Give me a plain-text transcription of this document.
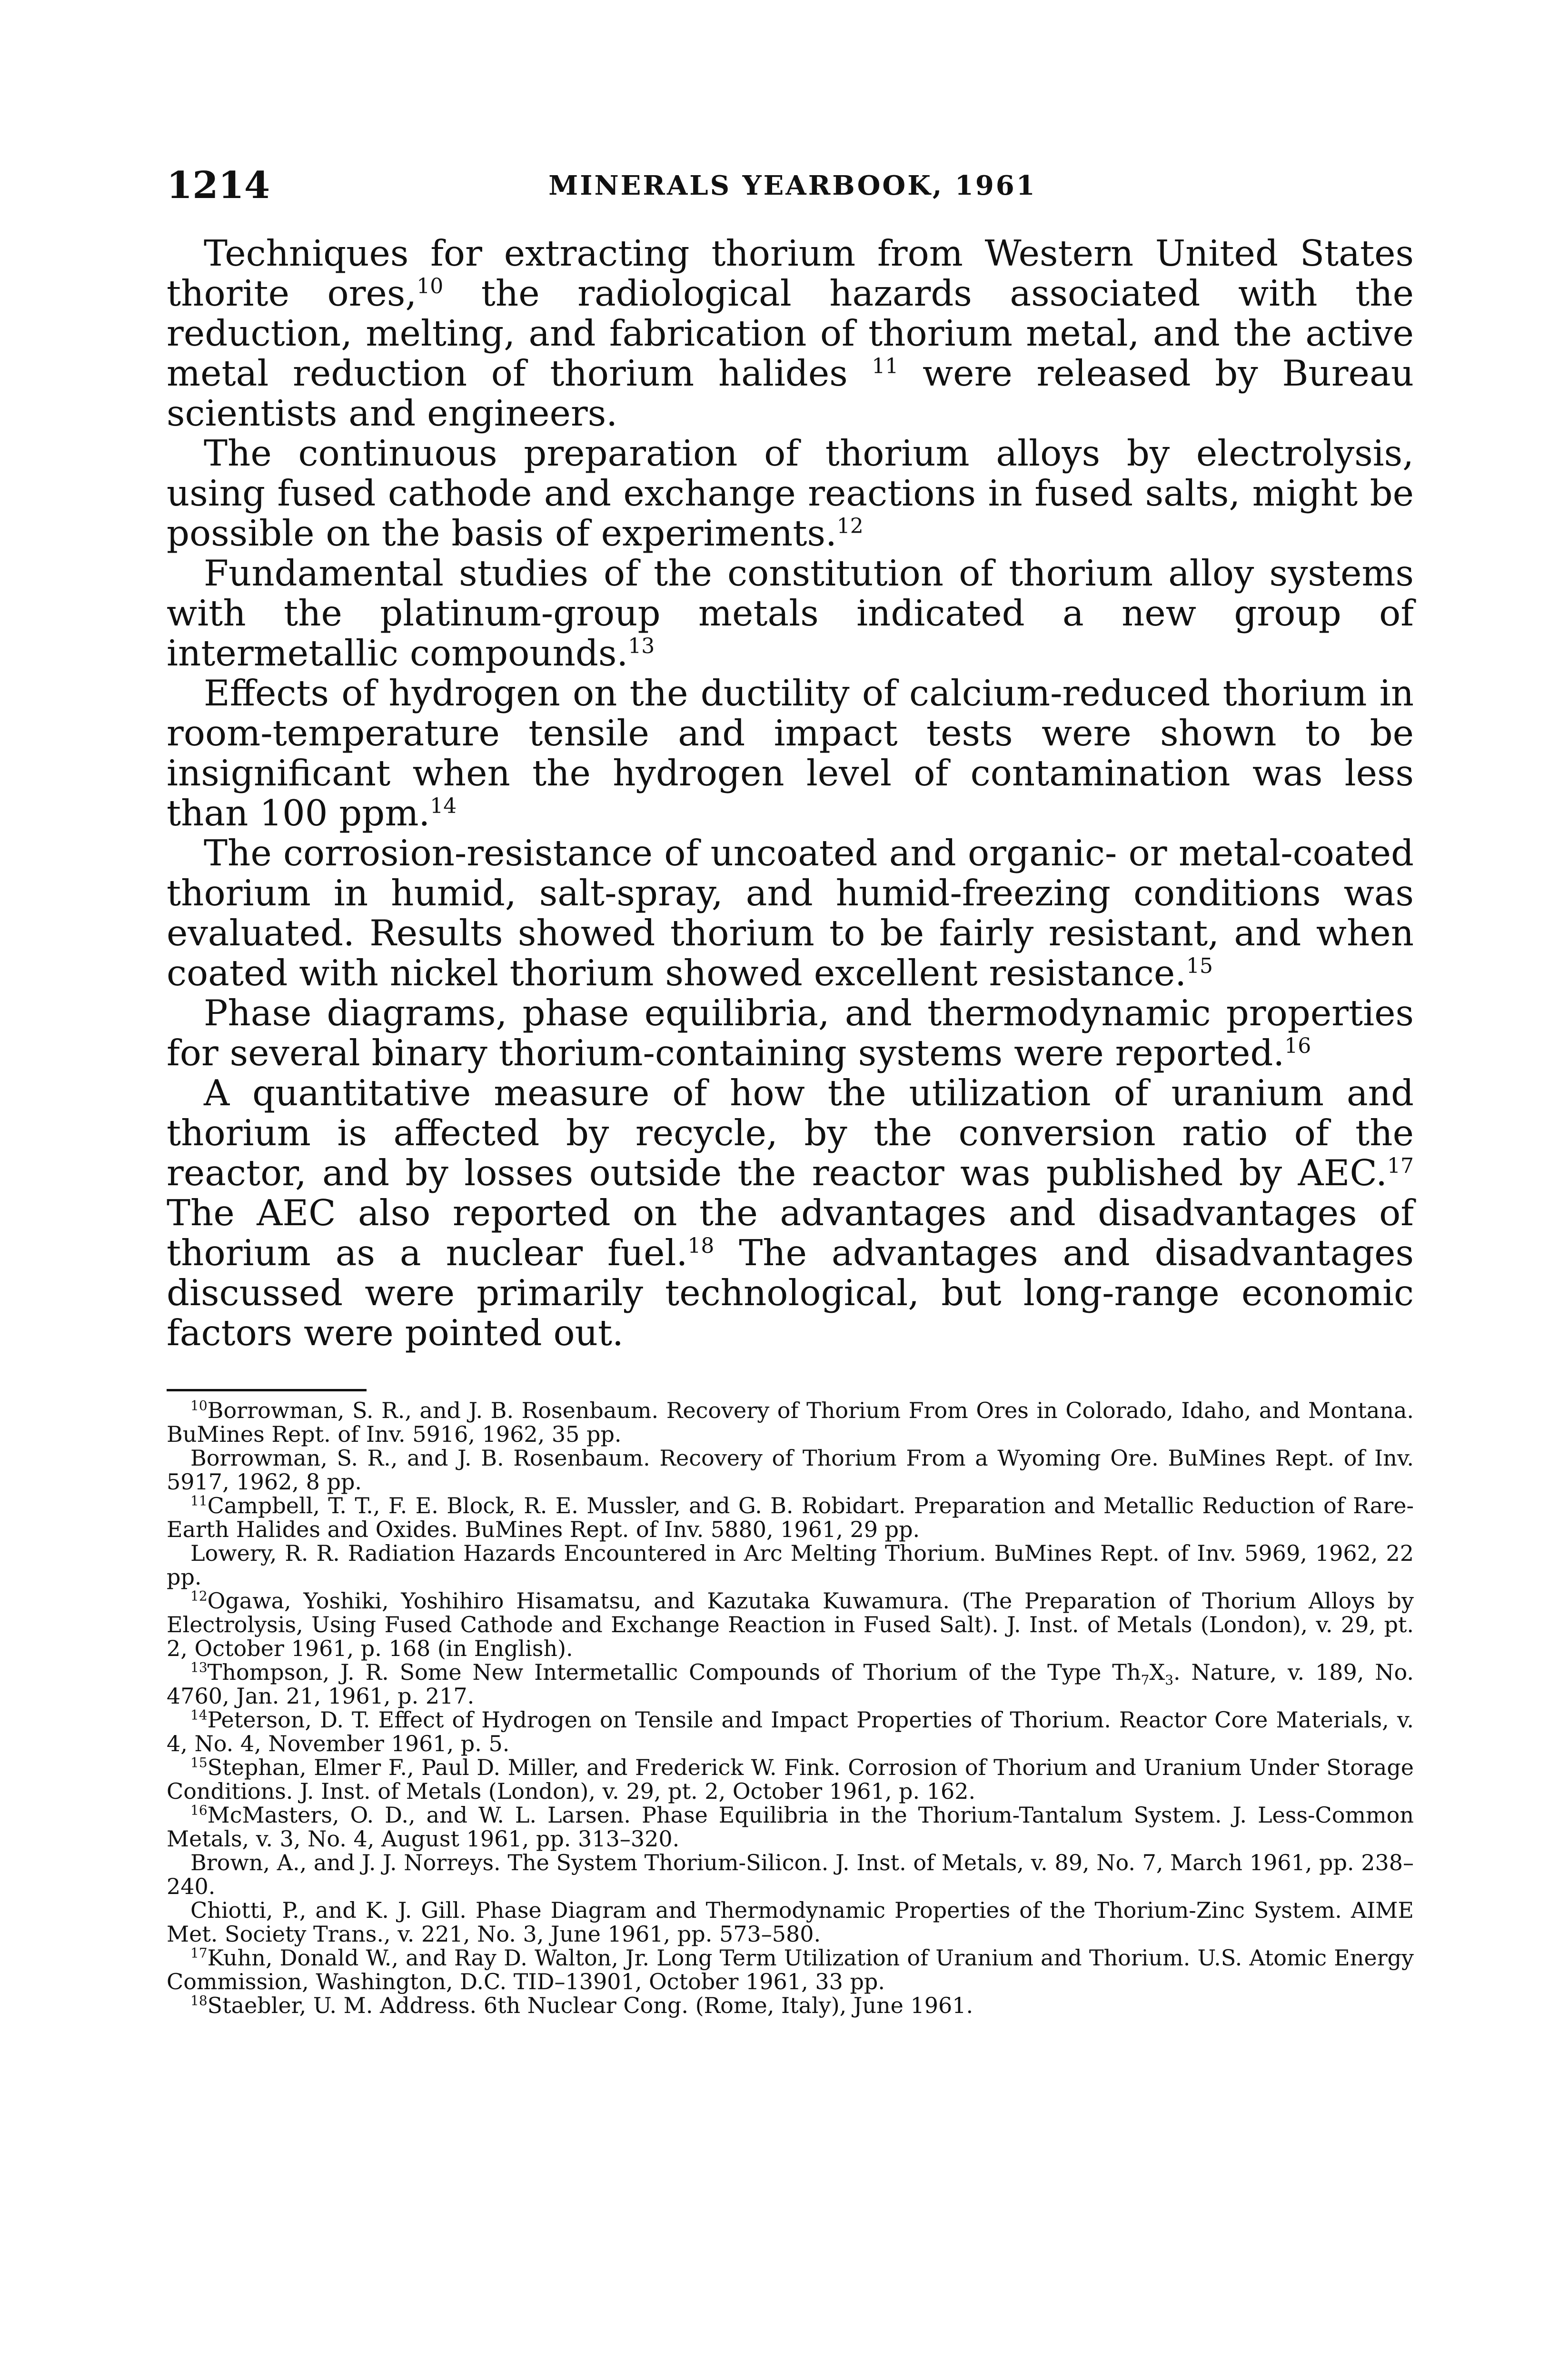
1214	MINERALS YEARBOOK, 1961

Techniques for extracting thorium from Western United States thorite ores,$^{10}$ the radiological hazards associated with the reduction, melting, and fabrication of thorium metal, and the active metal reduction of thorium halides $^{11}$ were released by Bureau scientists and engineers.

The continuous preparation of thorium alloys by electrolysis, using fused cathode and exchange reactions in fused salts, might be possible on the basis of experiments.$^{12}$

Fundamental studies of the constitution of thorium alloy systems with the platinum-group metals indicated a new group of intermetallic compounds.$^{13}$

Effects of hydrogen on the ductility of calcium-reduced thorium in room-temperature tensile and impact tests were shown to be insignificant when the hydrogen level of contamination was less than 100 ppm.$^{14}$

The corrosion-resistance of uncoated and organic- or metal-coated thorium in humid, salt-spray, and humid-freezing conditions was evaluated. Results showed thorium to be fairly resistant, and when coated with nickel thorium showed excellent resistance.$^{15}$

Phase diagrams, phase equilibria, and thermodynamic properties for several binary thorium-containing systems were reported.$^{16}$

A quantitative measure of how the utilization of uranium and thorium is affected by recycle, by the conversion ratio of the reactor, and by losses outside the reactor was published by AEC.$^{17}$ The AEC also reported on the advantages and disadvantages of thorium as a nuclear fuel.$^{18}$ The advantages and disadvantages discussed were primarily technological, but long-range economic factors were pointed out.

$^{10}$Borrowman, S. R., and J. B. Rosenbaum. Recovery of Thorium From Ores in Colorado, Idaho, and Montana. BuMines Rept. of Inv. 5916, 1962, 35 pp.

Borrowman, S. R., and J. B. Rosenbaum. Recovery of Thorium From a Wyoming Ore. BuMines Rept. of Inv. 5917, 1962, 8 pp.

$^{11}$Campbell, T. T., F. E. Block, R. E. Mussler, and G. B. Robidart. Preparation and Metallic Reduction of Rare-Earth Halides and Oxides. BuMines Rept. of Inv. 5880, 1961, 29 pp.

Lowery, R. R. Radiation Hazards Encountered in Arc Melting Thorium. BuMines Rept. of Inv. 5969, 1962, 22 pp.

$^{12}$Ogawa, Yoshiki, Yoshihiro Hisamatsu, and Kazutaka Kuwamura. (The Preparation of Thorium Alloys by Electrolysis, Using Fused Cathode and Exchange Reaction in Fused Salt). J. Inst. of Metals (London), v. 29, pt. 2, October 1961, p. 168 (in English).

$^{13}$Thompson, J. R. Some New Intermetallic Compounds of Thorium of the Type $Th_7X_3$. Nature, v. 189, No. 4760, Jan. 21, 1961, p. 217.

$^{14}$Peterson, D. T. Effect of Hydrogen on Tensile and Impact Properties of Thorium. Reactor Core Materials, v. 4, No. 4, November 1961, p. 5.

$^{15}$Stephan, Elmer F., Paul D. Miller, and Frederick W. Fink. Corrosion of Thorium and Uranium Under Storage Conditions. J. Inst. of Metals (London), v. 29, pt. 2, October 1961, p. 162.

$^{16}$McMasters, O. D., and W. L. Larsen. Phase Equilibria in the Thorium-Tantalum System. J. Less-Common Metals, v. 3, No. 4, August 1961, pp. 313–320.

Brown, A., and J. J. Norreys. The System Thorium-Silicon. J. Inst. of Metals, v. 89, No. 7, March 1961, pp. 238–240.

Chiotti, P., and K. J. Gill. Phase Diagram and Thermodynamic Properties of the Thorium-Zinc System. AIME Met. Society Trans., v. 221, No. 3, June 1961, pp. 573–580.

$^{17}$Kuhn, Donald W., and Ray D. Walton, Jr. Long Term Utilization of Uranium and Thorium. U.S. Atomic Energy Commission, Washington, D.C. TID–13901, October 1961, 33 pp.

$^{18}$Staebler, U. M. Address. 6th Nuclear Cong. (Rome, Italy), June 1961.
